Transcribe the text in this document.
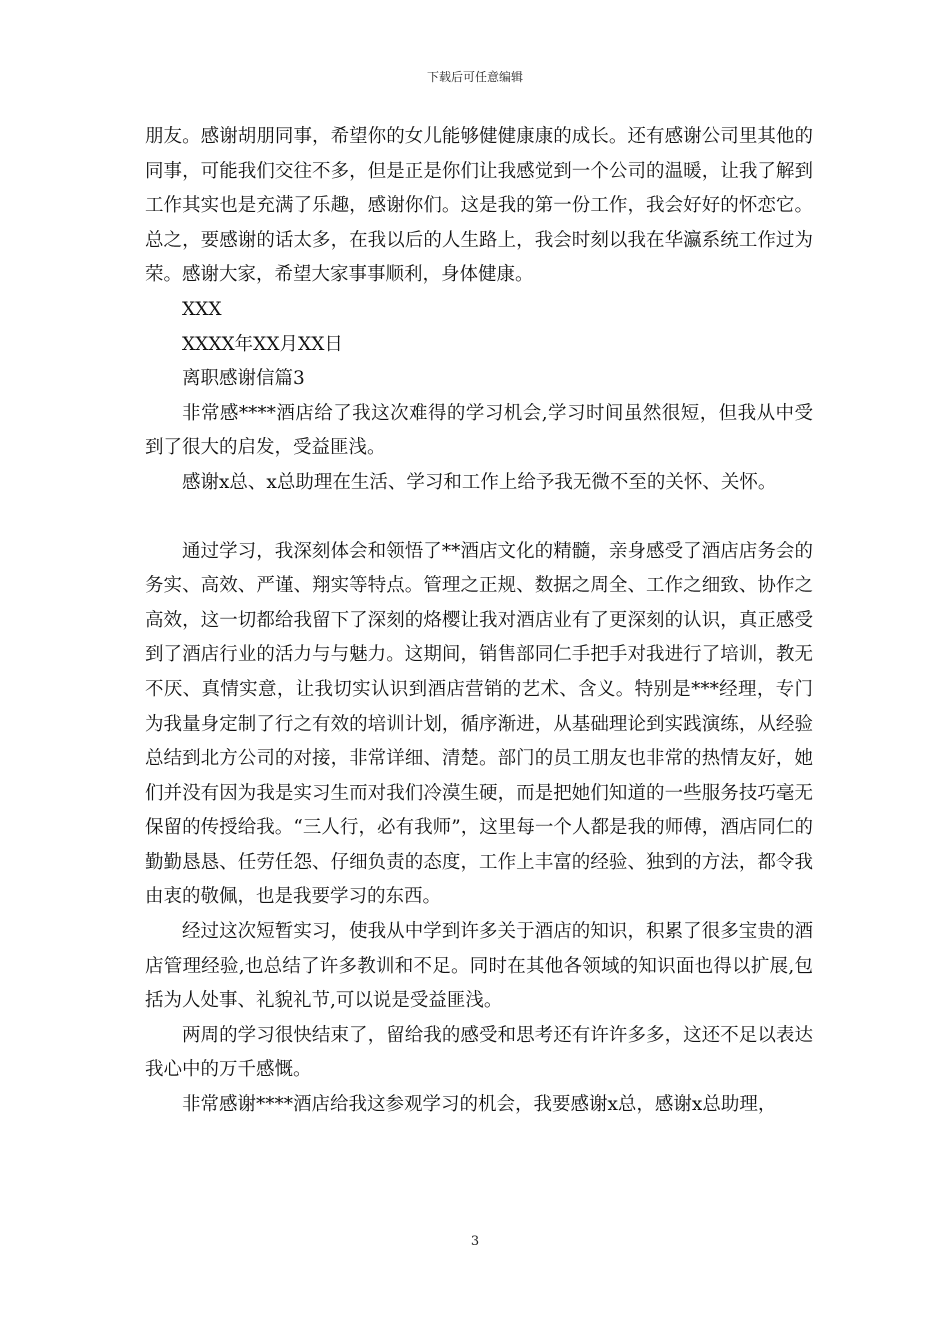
下载后可任意编辑

朋友。感谢胡朋同事，希望你的女儿能够健健康康的成长。还有感谢公司里其他的同事，可能我们交往不多，但是正是你们让我感觉到一个公司的温暖，让我了解到工作其实也是充满了乐趣，感谢你们。这是我的第一份工作，我会好好的怀恋它。总之，要感谢的话太多，在我以后的人生路上，我会时刻以我在华瀛系统工作过为荣。感谢大家，希望大家事事顺利，身体健康。

XXX

XXXX年XX月XX日

离职感谢信篇3

非常感****酒店给了我这次难得的学习机会,学习时间虽然很短，但我从中受到了很大的启发，受益匪浅。

感谢x总、x总助理在生活、学习和工作上给予我无微不至的关怀、关怀。

通过学习，我深刻体会和领悟了**酒店文化的精髓，亲身感受了酒店店务会的务实、高效、严谨、翔实等特点。管理之正规、数据之周全、工作之细致、协作之高效，这一切都给我留下了深刻的烙樱让我对酒店业有了更深刻的认识，真正感受到了酒店行业的活力与与魅力。这期间，销售部同仁手把手对我进行了培训，教无不厌、真情实意，让我切实认识到酒店营销的艺术、含义。特别是***经理，专门为我量身定制了行之有效的培训计划，循序渐进，从基础理论到实践演练，从经验总结到北方公司的对接，非常详细、清楚。部门的员工朋友也非常的热情友好，她们并没有因为我是实习生而对我们冷漠生硬，而是把她们知道的一些服务技巧毫无保留的传授给我。“三人行，必有我师”，这里每一个人都是我的师傅，酒店同仁的勤勤恳恳、任劳任怨、仔细负责的态度，工作上丰富的经验、独到的方法，都令我由衷的敬佩，也是我要学习的东西。

经过这次短暂实习，使我从中学到许多关于酒店的知识，积累了很多宝贵的酒店管理经验,也总结了许多教训和不足。同时在其他各领域的知识面也得以扩展,包括为人处事、礼貌礼节,可以说是受益匪浅。

两周的学习很快结束了，留给我的感受和思考还有许许多多，这还不足以表达我心中的万千感慨。

非常感谢****酒店给我这参观学习的机会，我要感谢x总，感谢x总助理，

3
